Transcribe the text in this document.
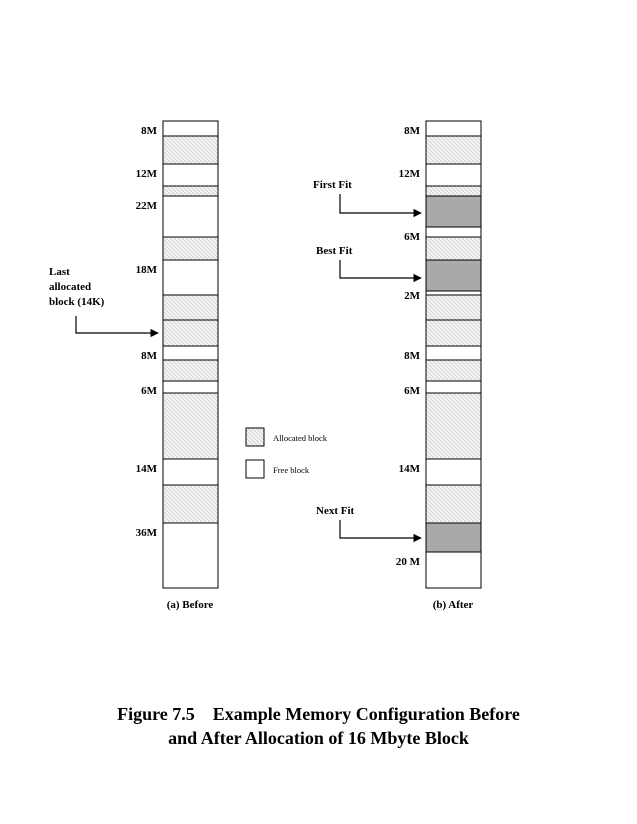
8M
12M
22M
18M
8M
6M
14M
36M
8M
12M
6M
2M
8M
6M
14M
20 M
(a) Before	(b) After
Last
allocated
block (14K)
First Fit
Best Fit
Next Fit
Allocated block
Free block
Figure 7.5 Example Memory Configuration Before
and After Allocation of 16 Mbyte Block
